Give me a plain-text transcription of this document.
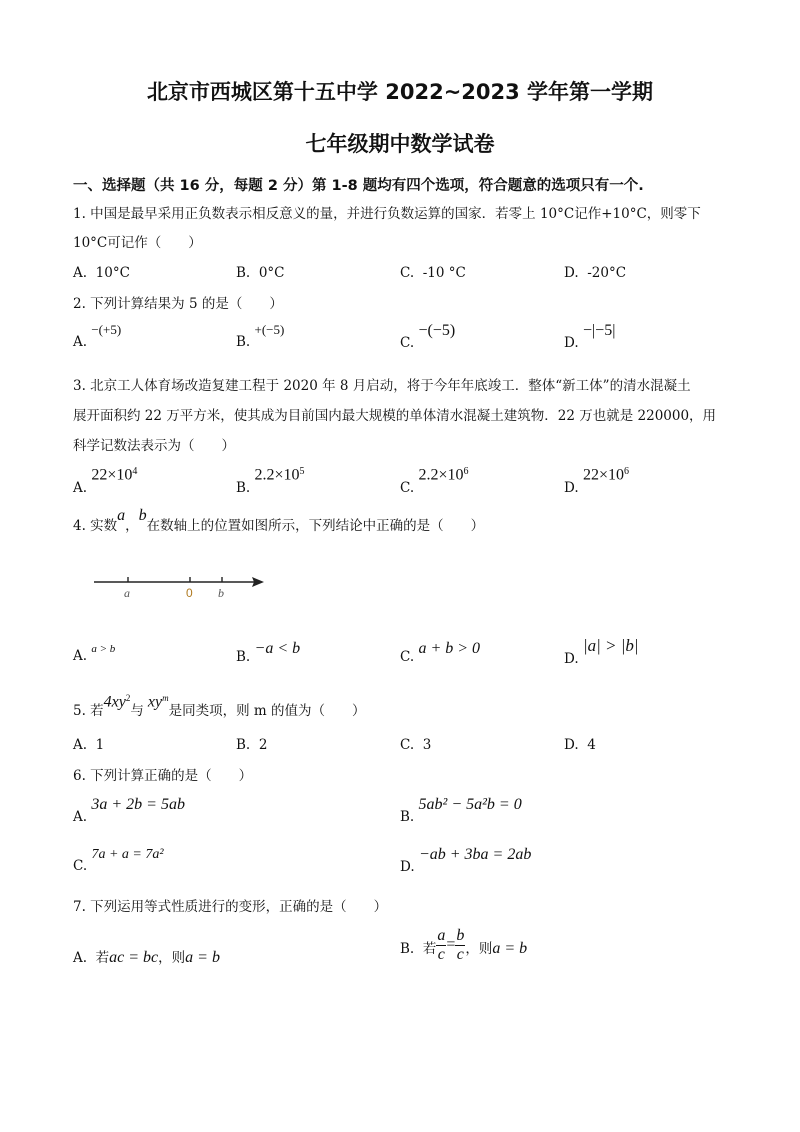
北京市西城区第十五中学 2022~2023 学年第一学期
七年级期中数学试卷
一、选择题（共 16 分，每题 2 分）第 1-8 题均有四个选项，符合题意的选项只有一个.
1. 中国是最早采用正负数表示相反意义的量，并进行负数运算的国家．若零上 10°C记作+10°C，则零下
10°C可记作（　　）
A. 10°C	B. 0°C	C. -10 °C	D. -20°C
2. 下列计算结果为 5 的是（　　）
A. −(+5)
B. +(−5)
C. −(−5)
D. −|−5|
3. 北京工人体育场改造复建工程于 2020 年 8 月启动，将于今年年底竣工．整体“新工体”的清水混凝土
展开面积约 22 万平方米，使其成为目前国内最大规模的单体清水混凝土建筑物．22 万也就是 220000，用
科学记数法表示为（　　）
A. $22\times 10^4$
B. $2.2\times 10^5$
C. $2.2\times 10^6$
D. $22\times 10^6$
4. 实数a，b在数轴上的位置如图所示，下列结论中正确的是（　　）
a	0 b
A. a > b	B. −a < b	C. a + b > 0
D. |a| > |b|
5. 若$4xy^2$与 $xy^m$是同类项，则 m 的值为（　　）
A. 1	B. 2	C. 3	D. 4
6. 下列计算正确的是（　　）
A. 3a + 2b = 5ab
B. 5ab² − 5a²b = 0
C. 7a + a = 7a²
D. −ab + 3ba = 2ab
7. 下列运用等式性质进行的变形，正确的是（　　）
A. 若ac = bc，则a = b	B. 若 $\frac{a}{c} = \frac{b}{c}$ ，则a = b
